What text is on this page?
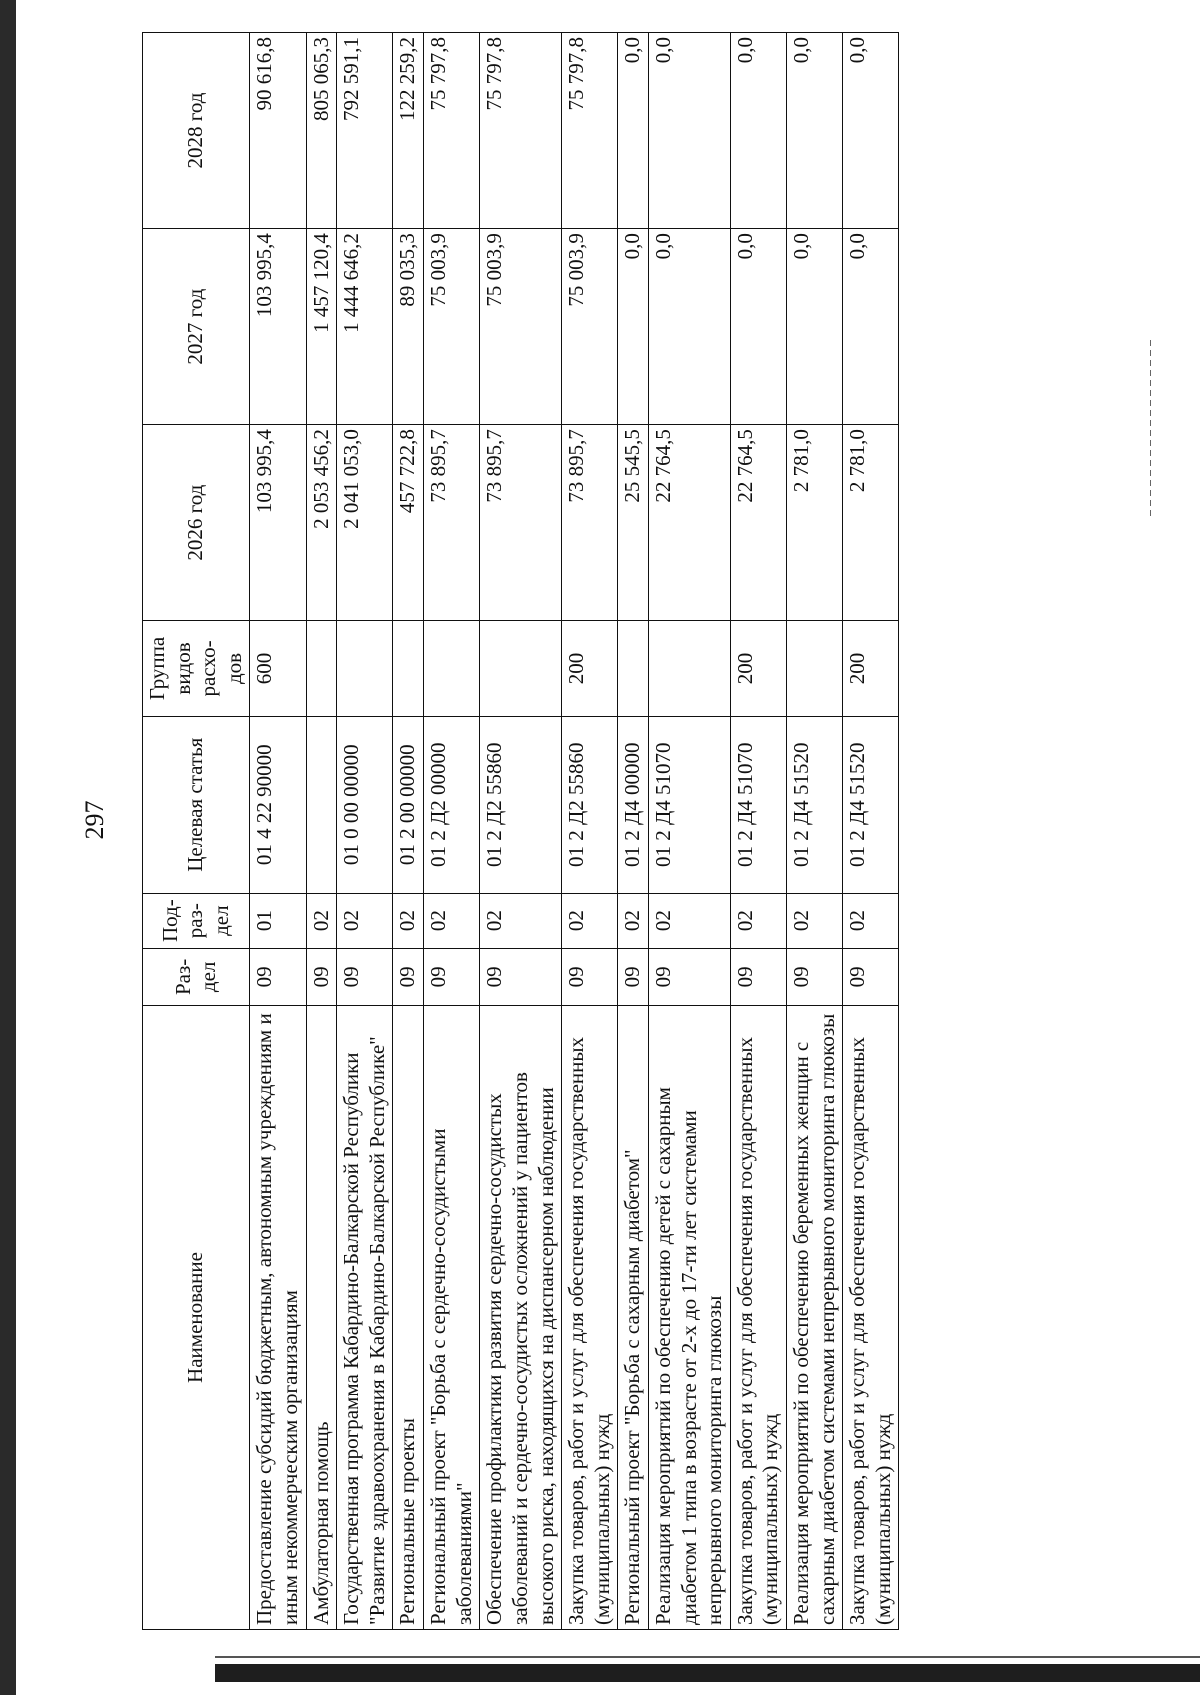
297
Наименование	Раз-дел	Под-раз-дел	Целевая статья	Группа видов расхо-дов	2026 год	2027 год	2028 год
Предоставление субсидий бюджетным, автономным учреждениям и иным некоммерческим организациям	09	01	01 4 22 90000	600	103 995,4	103 995,4	90 616,8
Амбулаторная помощь	09	02			2 053 456,2	1 457 120,4	805 065,3
Государственная программа Кабардино-Балкарской Республики "Развитие здравоохранения в Кабардино-Балкарской Республике"	09	02	01 0 00 00000		2 041 053,0	1 444 646,2	792 591,1
Региональные проекты	09	02	01 2 00 00000		457 722,8	89 035,3	122 259,2
Региональный проект "Борьба с сердечно-сосудистыми заболеваниями"	09	02	01 2 Д2 00000		73 895,7	75 003,9	75 797,8
Обеспечение профилактики развития сердечно-сосудистых заболеваний и сердечно-сосудистых осложнений у пациентов высокого риска, находящихся на диспансерном наблюдении	09	02	01 2 Д2 55860		73 895,7	75 003,9	75 797,8
Закупка товаров, работ и услуг для обеспечения государственных (муниципальных) нужд	09	02	01 2 Д2 55860	200	73 895,7	75 003,9	75 797,8
Региональный проект "Борьба с сахарным диабетом"	09	02	01 2 Д4 00000		25 545,5	0,0	0,0
Реализация мероприятий по обеспечению детей с сахарным диабетом 1 типа в возрасте от 2-х до 17-ти лет системами непрерывного мониторинга глюкозы	09	02	01 2 Д4 51070		22 764,5	0,0	0,0
Закупка товаров, работ и услуг для обеспечения государственных (муниципальных) нужд	09	02	01 2 Д4 51070	200	22 764,5	0,0	0,0
Реализация мероприятий по обеспечению беременных женщин с сахарным диабетом системами непрерывного мониторинга глюкозы	09	02	01 2 Д4 51520		2 781,0	0,0	0,0
Закупка товаров, работ и услуг для обеспечения государственных (муниципальных) нужд	09	02	01 2 Д4 51520	200	2 781,0	0,0	0,0
